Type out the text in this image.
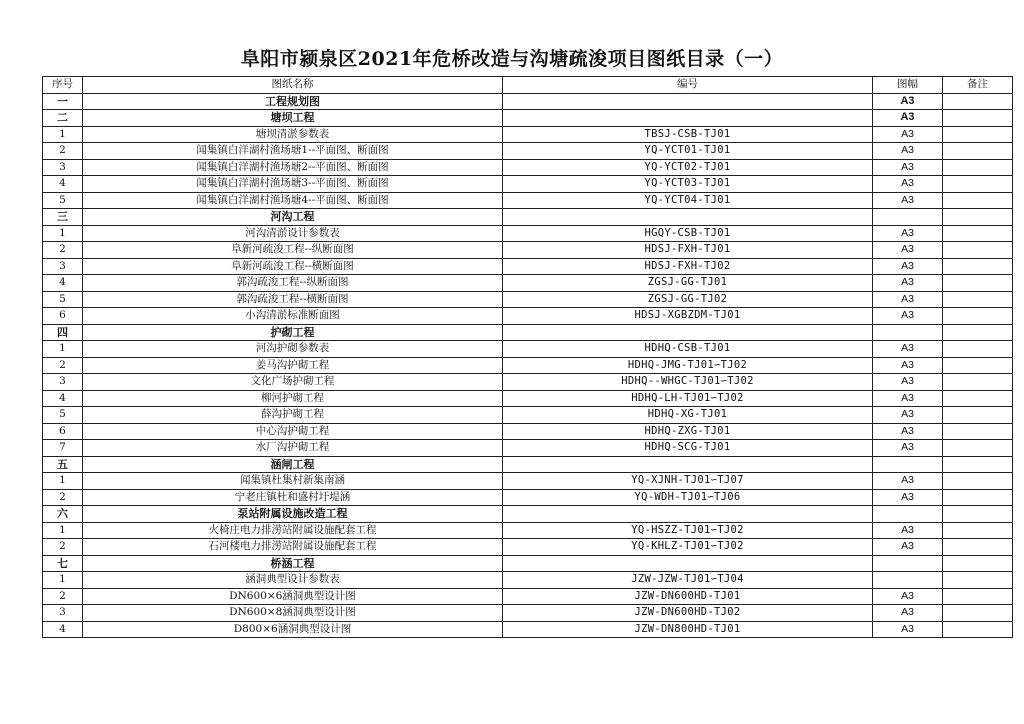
阜阳市颍泉区2021年危桥改造与沟塘疏浚项目图纸目录（一）
序号	图纸名称	编号	图幅	备注
一	工程规划图		A3	
二	塘坝工程		A3	
1	塘坝清淤参数表	TBSJ-CSB-TJ01	A3	
2	闻集镇白洋湖村渔场塘1--平面图、断面图	YQ-YCT01-TJ01	A3	
3	闻集镇白洋湖村渔场塘2--平面图、断面图	YQ-YCT02-TJ01	A3	
4	闻集镇白洋湖村渔场塘3--平面图、断面图	YQ-YCT03-TJ01	A3	
5	闻集镇白洋湖村渔场塘4--平面图、断面图	YQ-YCT04-TJ01	A3	
三	河沟工程			
1	河沟清淤设计参数表	HGQY-CSB-TJ01	A3	
2	阜新河疏浚工程--纵断面图	HDSJ-FXH-TJ01	A3	
3	阜新河疏浚工程--横断面图	HDSJ-FXH-TJ02	A3	
4	郭沟疏浚工程--纵断面图	ZGSJ-GG-TJ01	A3	
5	郭沟疏浚工程--横断面图	ZGSJ-GG-TJ02	A3	
6	小沟清淤标准断面图	HDSJ-XGBZDM-TJ01	A3	
四	护砌工程			
1	河沟护砌参数表	HDHQ-CSB-TJ01	A3	
2	姜马沟护砌工程	HDHQ-JMG-TJ01∽TJ02	A3	
3	文化广场护砌工程	HDHQ--WHGC-TJ01∽TJ02	A3	
4	柳河护砌工程	HDHQ-LH-TJ01∽TJ02	A3	
5	薛沟护砌工程	HDHQ-XG-TJ01	A3	
6	中心沟护砌工程	HDHQ-ZXG-TJ01	A3	
7	水厂沟护砌工程	HDHQ-SCG-TJ01	A3	
五	涵闸工程			
1	闻集镇杜集村新集南涵	YQ-XJNH-TJ01∽TJ07	A3	
2	宁老庄镇杜和盛村圩堤涵	YQ-WDH-TJ01∽TJ06	A3	
六	泵站附属设施改造工程			
1	火椅庄电力排涝站附属设施配套工程	YQ-HSZZ-TJ01∽TJ02	A3	
2	石河楼电力排涝站附属设施配套工程	YQ-KHLZ-TJ01∽TJ02	A3	
七	桥涵工程			
1	涵洞典型设计参数表	JZW-JZW-TJ01∽TJ04		
2	DN600×6涵洞典型设计图	JZW-DN600HD-TJ01	A3	
3	DN600×8涵洞典型设计图	JZW-DN600HD-TJ02	A3	
4	D800×6涵洞典型设计图	JZW-DN800HD-TJ01	A3	
